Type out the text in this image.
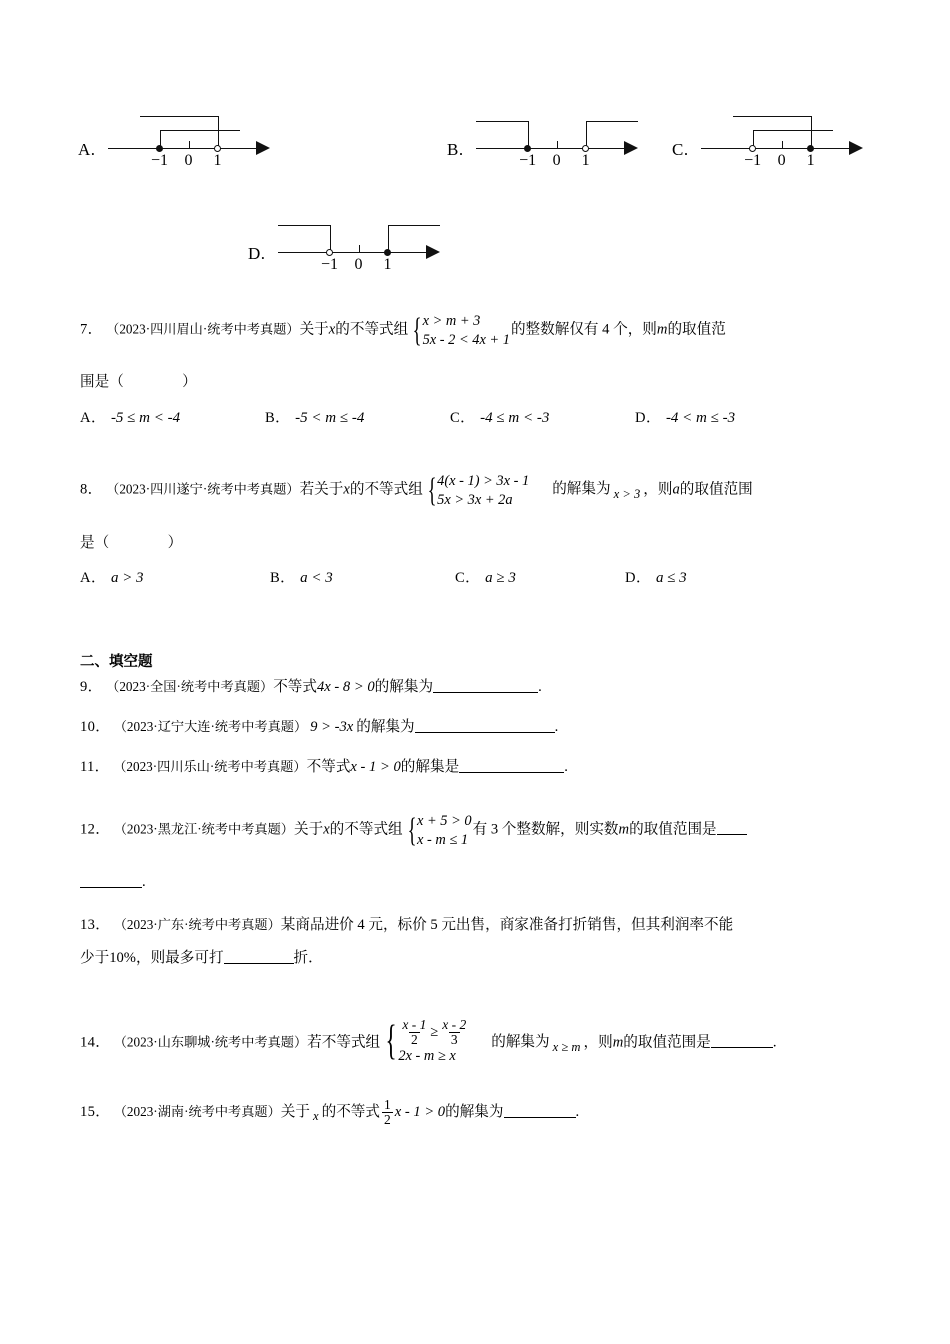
A.
−1 0 1
B.
−1 0 1
C.
−1 0 1
D.
−1 0 1
7． （2023·四川眉山·统考中考真题）关于x的不等式组 { x > m + 3
5x - 2 < 4x + 1
的整数解仅有 4 个，则m的取值范
围是（　　　　）
A． -5 ≤ m < -4	B． -5 < m ≤ -4	C． -4 ≤ m < -3	D． -4 < m ≤ -3
8． （2023·四川遂宁·统考中考真题）若关于x的不等式组 { 4(x - 1) > 3x - 1
5x > 3x + 2a
的解集为 x > 3 ，则a的取值范围
是（　　　　）
A． a > 3	B． a < 3	C． a ≥ 3	D． a ≤ 3
二、填空题
9． （2023·全国·统考中考真题）不等式4x - 8 > 0的解集为	.
10． （2023·辽宁大连·统考中考真题） 9 > -3x 的解集为	.
11． （2023·四川乐山·统考中考真题）不等式x - 1 > 0的解集是	.
12． （2023·黑龙江·统考中考真题）关于x的不等式组 { x + 5 > 0
x - m ≤ 1
有 3 个整数解，则实数m的取值范围是
.
13． （2023·广东·统考中考真题）某商品进价 4 元，标价 5 元出售，商家准备打折销售，但其利润率不能
少于10%，则最多可打	折．
14． （2023·山东聊城·统考中考真题）若不等式组 { $\frac{x - 1}{2} \ge \frac{x - 2}{3}$
2x - m ≥ x
的解集为 x ≥ m ，则m的取值范围是	.
15． （2023·湖南·统考中考真题）关于 x 的不等式 $\frac{1}{2}$ x - 1 > 0的解集为	.
